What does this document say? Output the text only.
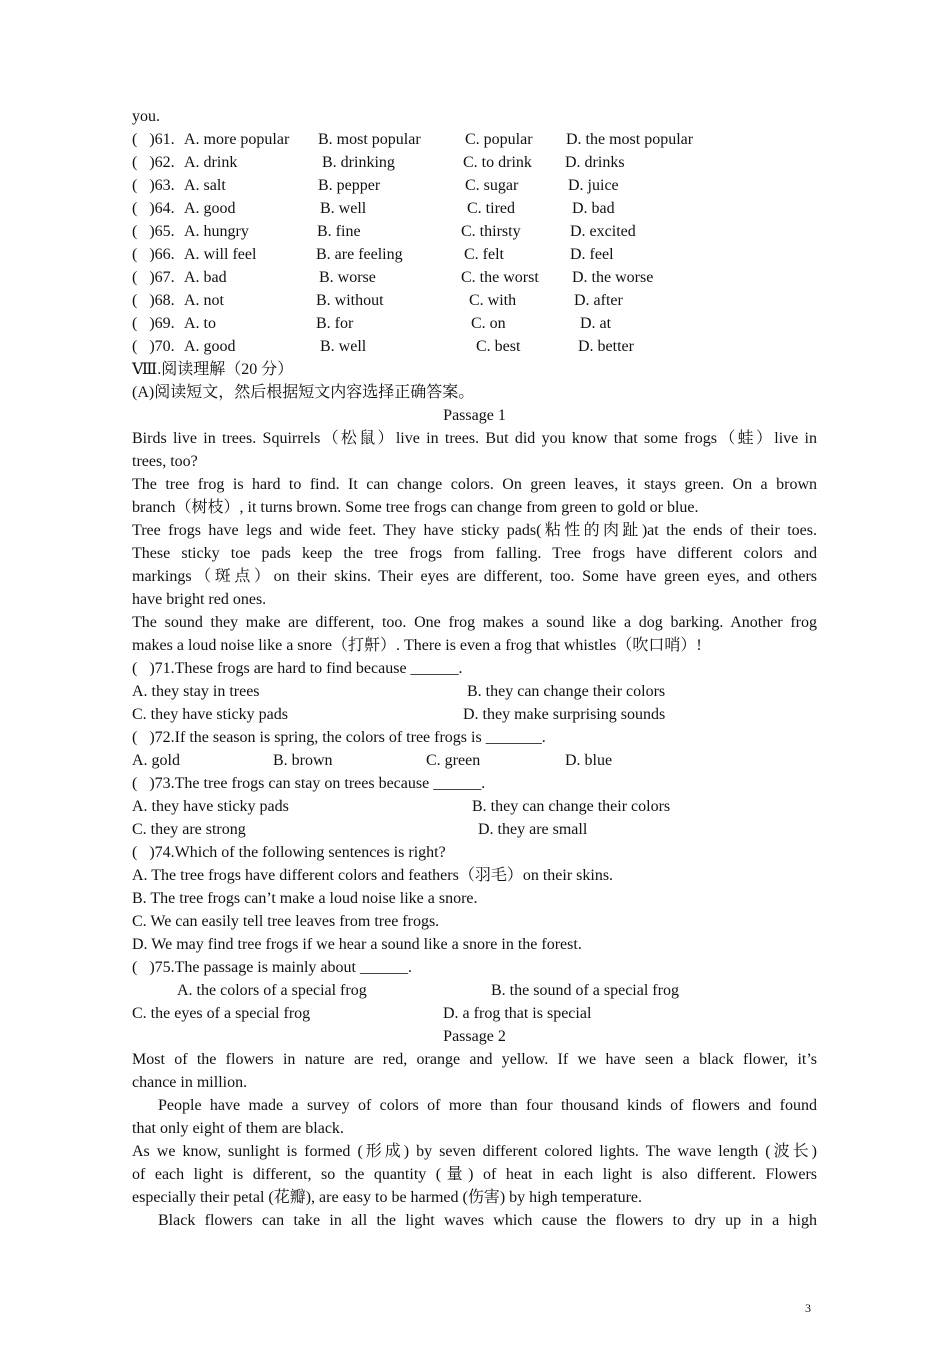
you.
(   )61. A. more popular B. most popular	C. popular D. the most popular
(   )62. A. drink	B. drinking	C. to drink D. drinks
(   )63. A. salt	B. pepper	C. sugar	D. juice
(   )64. A. good	B. well	C. tired	D. bad
(   )65. A. hungry	B. fine	C. thirsty	D. excited
(   )66. A. will feel	B. are feeling	C. felt	D. feel
(   )67. A. bad	B. worse	C. the worst D. the worse
(   )68. A. not	B. without	C. with	D. after
(   )69. A. to	B. for	C. on	D. at
(   )70. A. good	B. well	C. best	D. better
Ⅷ.阅读理解（20 分）
(A)阅读短文，然后根据短文内容选择正确答案。
Passage 1
Birds live in trees. Squirrels（松鼠）live in trees. But did you know that some frogs（蛙）live in
trees, too?
The tree frog is hard to find. It can change colors. On green leaves, it stays green. On a brown
branch（树枝）, it turns brown. Some tree frogs can change from green to gold or blue.
Tree frogs have legs and wide feet. They have sticky pads(粘性的肉趾)at the ends of their toes.
These sticky toe pads keep the tree frogs from falling. Tree frogs have different colors and
markings（斑点）on their skins. Their eyes are different, too. Some have green eyes, and others
have bright red ones.
The sound they make are different, too. One frog makes a sound like a dog barking. Another frog
makes a loud noise like a snore（打鼾）. There is even a frog that whistles（吹口哨）!
(   )71.These frogs are hard to find because ______.
A. they stay in trees	B. they can change their colors
C. they have sticky pads	D. they make surprising sounds
(   )72.If the season is spring, the colors of tree frogs is _______.
A. gold	B. brown	C. green	D. blue
(   )73.The tree frogs can stay on trees because ______.
A. they have sticky pads	B. they can change their colors
C. they are strong	D. they are small
(   )74.Which of the following sentences is right?
A. The tree frogs have different colors and feathers（羽毛）on their skins.
B. The tree frogs can’t make a loud noise like a snore.
C. We can easily tell tree leaves from tree frogs.
D. We may find tree frogs if we hear a sound like a snore in the forest.
(   )75.The passage is mainly about ______.
A. the colors of a special frog	B. the sound of a special frog
C. the eyes of a special frog	D. a frog that is special
Passage 2
Most of the flowers in nature are red, orange and yellow. If we have seen a black flower, it’s
chance in million.
People have made a survey of colors of more than four thousand kinds of flowers and found
that only eight of them are black.
As we know, sunlight is formed (形成) by seven different colored lights. The wave length (波长)
of each light is different, so the quantity (量) of heat in each light is also different. Flowers
especially their petal (花瓣), are easy to be harmed (伤害) by high temperature.
Black flowers can take in all the light waves which cause the flowers to dry up in a high
3
